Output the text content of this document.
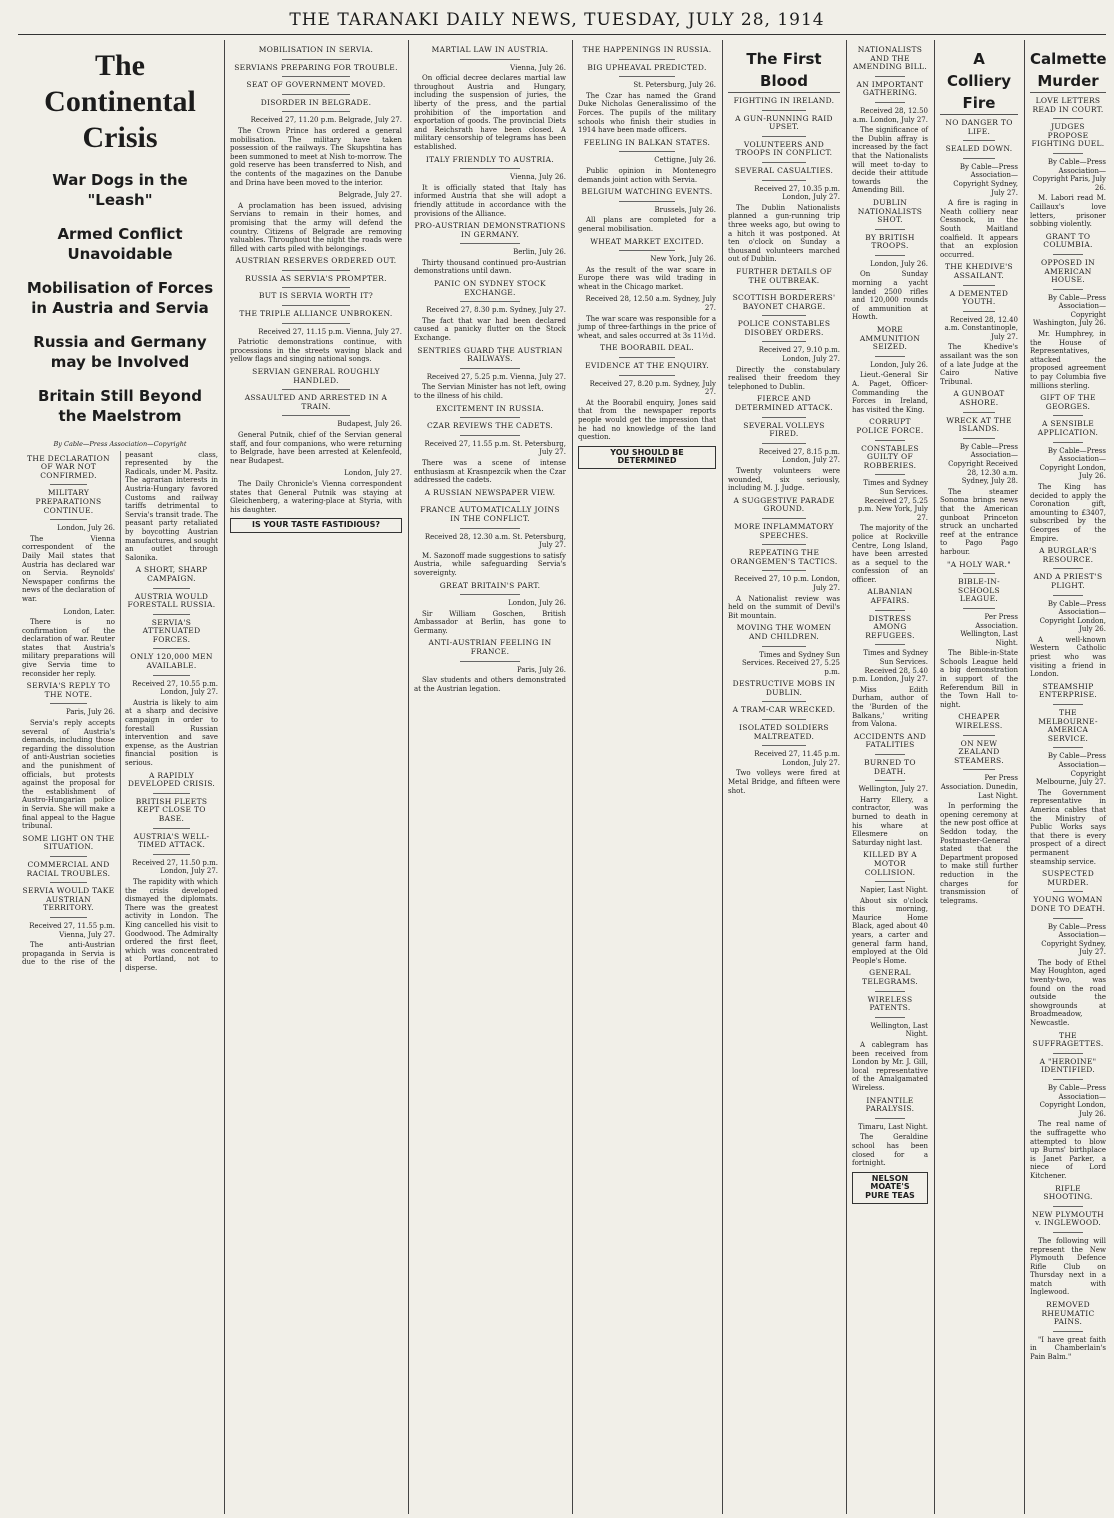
THE TARANAKI DAILY NEWS, TUESDAY, JULY 28, 1914
The Continental Crisis
War Dogs in the "Leash"
Armed Conflict Unavoidable
Mobilisation of Forces in Austria and Servia
Russia and Germany may be Involved
Britain Still Beyond the Maelstrom
By Cable—Press Association—Copyright
THE DECLARATION OF WAR NOT CONFIRMED.
MILITARY PREPARATIONS CONTINUE.
London, July 26.

The Vienna correspondent of the Daily Mail states that Austria has declared war on Servia. Reynolds' Newspaper confirms the news of the declaration of war.

London, Later.

There is no confirmation of the declaration of war. Reuter states that Austria's military preparations will give Servia time to reconsider her reply.

SERVIA'S REPLY TO THE NOTE.
Paris, July 26.

Servia's reply accepts several of Austria's demands, including those regarding the dissolution of anti-Austrian societies and the punishment of officials, but protests against the proposal for the establishment of Austro-Hungarian police in Servia. She will make a final appeal to the Hague tribunal.

SOME LIGHT ON THE SITUATION.
COMMERCIAL AND RACIAL TROUBLES.
SERVIA WOULD TAKE AUSTRIAN TERRITORY.
Received 27, 11.55 p.m. Vienna, July 27.

The anti-Austrian propaganda in Servia is due to the rise of the peasant class, represented by the Radicals, under M. Pasitz. The agrarian interests in Austria-Hungary favored Customs and railway tariffs detrimental to Servia's transit trade. The peasant party retaliated by boycotting Austrian manufactures, and sought an outlet through Salonika.

A SHORT, SHARP CAMPAIGN.
AUSTRIA WOULD FORESTALL RUSSIA.
SERVIA'S ATTENUATED FORCES.
ONLY 120,000 MEN AVAILABLE.
Received 27, 10.55 p.m. London, July 27.

Austria is likely to aim at a sharp and decisive campaign in order to forestall Russian intervention and save expense, as the Austrian financial position is serious.

A RAPIDLY DEVELOPED CRISIS.
BRITISH FLEETS KEPT CLOSE TO BASE.
AUSTRIA'S WELL-TIMED ATTACK.
Received 27, 11.50 p.m. London, July 27.

The rapidity with which the crisis developed dismayed the diplomats. There was the greatest activity in London. The King cancelled his visit to Goodwood. The Admiralty ordered the first fleet, which was concentrated at Portland, not to disperse.

MOBILISATION IN SERVIA.
SERVIANS PREPARING FOR TROUBLE.
SEAT OF GOVERNMENT MOVED.
DISORDER IN BELGRADE.
Received 27, 11.20 p.m. Belgrade, July 27.

The Crown Prince has ordered a general mobilisation. The military have taken possession of the railways. The Skupshtina has been summoned to meet at Nish to-morrow. The gold reserve has been transferred to Nish, and the contents of the magazines on the Danube and Drina have been moved to the interior.

Belgrade, July 27.

A proclamation has been issued, advising Servians to remain in their homes, and promising that the army will defend the country. Citizens of Belgrade are removing valuables. Throughout the night the roads were filled with carts piled with belongings.

AUSTRIAN RESERVES ORDERED OUT.
RUSSIA AS SERVIA'S PROMPTER.
BUT IS SERVIA WORTH IT?
THE TRIPLE ALLIANCE UNBROKEN.
Received 27, 11.15 p.m. Vienna, July 27.

Patriotic demonstrations continue, with processions in the streets waving black and yellow flags and singing national songs.

SERVIAN GENERAL ROUGHLY HANDLED.
ASSAULTED AND ARRESTED IN A TRAIN.
Budapest, July 26.

General Putnik, chief of the Servian general staff, and four companions, who were returning to Belgrade, have been arrested at Kelenfeold, near Budapest.

London, July 27.

The Daily Chronicle's Vienna correspondent states that General Putnik was staying at Gleichenberg, a watering-place at Styria, with his daughter.

IS YOUR TASTE FASTIDIOUS?
MARTIAL LAW IN AUSTRIA.
Vienna, July 26.

On official decree declares martial law throughout Austria and Hungary, including the suspension of juries, the liberty of the press, and the partial prohibition of the importation and exportation of goods. The provincial Diets and Reichsrath have been closed. A military censorship of telegrams has been established.

ITALY FRIENDLY TO AUSTRIA.
Vienna, July 26.

It is officially stated that Italy has informed Austria that she will adopt a friendly attitude in accordance with the provisions of the Alliance.

PRO-AUSTRIAN DEMONSTRATIONS IN GERMANY.
Berlin, July 26.

Thirty thousand continued pro-Austrian demonstrations until dawn.

PANIC ON SYDNEY STOCK EXCHANGE.
Received 27, 8.30 p.m. Sydney, July 27.

The fact that war had been declared caused a panicky flutter on the Stock Exchange.

SENTRIES GUARD THE AUSTRIAN RAILWAYS.
Received 27, 5.25 p.m. Vienna, July 27.

The Servian Minister has not left, owing to the illness of his child.

EXCITEMENT IN RUSSIA.
CZAR REVIEWS THE CADETS.
Received 27, 11.55 p.m. St. Petersburg, July 27.

There was a scene of intense enthusiasm at Krasnpezcik when the Czar addressed the cadets.

A RUSSIAN NEWSPAPER VIEW.
FRANCE AUTOMATICALLY JOINS IN THE CONFLICT.
Received 28, 12.30 a.m. St. Petersburg, July 27.

M. Sazonoff made suggestions to satisfy Austria, while safeguarding Servia's sovereignty.

GREAT BRITAIN'S PART.
London, July 26.

Sir William Goschen, British Ambassador at Berlin, has gone to Germany.

ANTI-AUSTRIAN FEELING IN FRANCE.
Paris, July 26.

Slav students and others demonstrated at the Austrian legation.

THE HAPPENINGS IN RUSSIA.
BIG UPHEAVAL PREDICTED.
St. Petersburg, July 26.

The Czar has named the Grand Duke Nicholas Generalissimo of the Forces. The pupils of the military schools who finish their studies in 1914 have been made officers.

FEELING IN BALKAN STATES.
Cettigne, July 26.

Public opinion in Montenegro demands joint action with Servia.

BELGIUM WATCHING EVENTS.
Brussels, July 26.

All plans are completed for a general mobilisation.

WHEAT MARKET EXCITED.
New York, July 26.

As the result of the war scare in Europe there was wild trading in wheat in the Chicago market.

Received 28, 12.50 a.m. Sydney, July 27.

The war scare was responsible for a jump of three-farthings in the price of wheat, and sales occurred at 3s 11½d.

THE BOORABIL DEAL.
EVIDENCE AT THE ENQUIRY.
Received 27, 8.20 p.m. Sydney, July 27.

At the Boorabil enquiry, Jones said that from the newspaper reports people would get the impression that he had no knowledge of the land question.

YOU SHOULD BE DETERMINED
The First Blood
FIGHTING IN IRELAND.
A GUN-RUNNING RAID UPSET.
VOLUNTEERS AND TROOPS IN CONFLICT.
SEVERAL CASUALTIES.
Received 27, 10.35 p.m. London, July 27.

The Dublin Nationalists planned a gun-running trip three weeks ago, but owing to a hitch it was postponed. At ten o'clock on Sunday a thousand volunteers marched out of Dublin.

FURTHER DETAILS OF THE OUTBREAK.
SCOTTISH BORDERERS' BAYONET CHARGE.
POLICE CONSTABLES DISOBEY ORDERS.
Received 27, 9.10 p.m. London, July 27.

Directly the constabulary realised their freedom they telephoned to Dublin.

FIERCE AND DETERMINED ATTACK.
SEVERAL VOLLEYS FIRED.
Received 27, 8.15 p.m. London, July 27.

Twenty volunteers were wounded, six seriously, including M. J. Judge.

A SUGGESTIVE PARADE GROUND.
MORE INFLAMMATORY SPEECHES.
REPEATING THE ORANGEMEN'S TACTICS.
Received 27, 10 p.m. London, July 27.

A Nationalist review was held on the summit of Devil's Bit mountain.

MOVING THE WOMEN AND CHILDREN.
Times and Sydney Sun Services. Received 27, 5.25 p.m.
DESTRUCTIVE MOBS IN DUBLIN.
A TRAM-CAR WRECKED.
ISOLATED SOLDIERS MALTREATED.
Received 27, 11.45 p.m. London, July 27.

Two volleys were fired at Metal Bridge, and fifteen were shot.

NATIONALISTS AND THE AMENDING BILL.
AN IMPORTANT GATHERING.
Received 28, 12.50 a.m. London, July 27.

The significance of the Dublin affray is increased by the fact that the Nationalists will meet to-day to decide their attitude towards the Amending Bill.

DUBLIN NATIONALISTS SHOT.
BY BRITISH TROOPS.
London, July 26.

On Sunday morning a yacht landed 2500 rifles and 120,000 rounds of ammunition at Howth.

MORE AMMUNITION SEIZED.
London, July 26.

Lieut.-General Sir A. Paget, Officer-Commanding the Forces in Ireland, has visited the King.

CORRUPT POLICE FORCE.
CONSTABLES GUILTY OF ROBBERIES.
Times and Sydney Sun Services. Received 27, 5.25 p.m. New York, July 27.

The majority of the police at Rockville Centre, Long Island, have been arrested as a sequel to the confession of an officer.

ALBANIAN AFFAIRS.
DISTRESS AMONG REFUGEES.
Times and Sydney Sun Services. Received 28, 5.40 p.m. London, July 27.

Miss Edith Durham, author of the 'Burden of the Balkans,' writing from Valona.

ACCIDENTS AND FATALITIES
BURNED TO DEATH.
Wellington, July 27.

Harry Ellery, a contractor, was burned to death in his whare at Ellesmere on Saturday night last.

KILLED BY A MOTOR COLLISION.
Napier, Last Night.

About six o'clock this morning, Maurice Home Black, aged about 40 years, a carter and general farm hand, employed at the Old People's Home.

GENERAL TELEGRAMS.
WIRELESS PATENTS.
Wellington, Last Night.

A cablegram has been received from London by Mr. J. Gill, local representative of the Amalgamated Wireless.

INFANTILE PARALYSIS.
Timaru, Last Night.

The Geraldine school has been closed for a fortnight.

NELSON MOATE'S
PURE TEAS
A Colliery Fire
NO DANGER TO LIFE.
SEALED DOWN.
By Cable—Press Association—Copyright Sydney, July 27.

A fire is raging in Neath colliery near Cessnock, in the South Maitland coalfield. It appears that an explosion occurred.

THE KHEDIVE'S ASSAILANT.
A DEMENTED YOUTH.
Received 28, 12.40 a.m. Constantinople, July 27.

The Khedive's assailant was the son of a late Judge at the Cairo Native Tribunal.

A GUNBOAT ASHORE.
WRECK AT THE ISLANDS.
By Cable—Press Association—Copyright Received 28, 12.30 a.m. Sydney, July 28.

The steamer Sonoma brings news that the American gunboat Princeton struck an uncharted reef at the entrance to Pago Pago harbour.

"A HOLY WAR."
BIBLE-IN-SCHOOLS LEAGUE.
Per Press Association. Wellington, Last Night.

The Bible-in-State Schools League held a big demonstration in support of the Referendum Bill in the Town Hall to-night.

CHEAPER WIRELESS.
ON NEW ZEALAND STEAMERS.
Per Press Association. Dunedin, Last Night.

In performing the opening ceremony at the new post office at Seddon today, the Postmaster-General stated that the Department proposed to make still further reduction in the charges for transmission of telegrams.

Calmette Murder
LOVE LETTERS READ IN COURT.
JUDGES PROPOSE FIGHTING DUEL.
By Cable—Press Association—Copyright Paris, July 26.

M. Labori read M. Caillaux's love letters, prisoner sobbing violently.

GRANT TO COLUMBIA.
OPPOSED IN AMERICAN HOUSE.
By Cable—Press Association—Copyright Washington, July 26.

Mr. Humphrey, in the House of Representatives, attacked the proposed agreement to pay Columbia five millions sterling.

GIFT OF THE GEORGES.
A SENSIBLE APPLICATION.
By Cable—Press Association—Copyright London, July 26.

The King has decided to apply the Coronation gift, amounting to £3407, subscribed by the Georges of the Empire.

A BURGLAR'S RESOURCE.
AND A PRIEST'S PLIGHT.
By Cable—Press Association—Copyright London, July 26.

A well-known Western Catholic priest who was visiting a friend in London.

STEAMSHIP ENTERPRISE.
THE MELBOURNE-AMERICA SERVICE.
By Cable—Press Association—Copyright Melbourne, July 27.

The Government representative in America cables that the Ministry of Public Works says that there is every prospect of a direct permanent steamship service.

SUSPECTED MURDER.
YOUNG WOMAN DONE TO DEATH.
By Cable—Press Association—Copyright Sydney, July 27.

The body of Ethel May Houghton, aged twenty-two, was found on the road outside the showgrounds at Broadmeadow, Newcastle.

THE SUFFRAGETTES.
A "HEROINE" IDENTIFIED.
By Cable—Press Association—Copyright London, July 26.

The real name of the suffragette who attempted to blow up Burns' birthplace is Janet Parker, a niece of Lord Kitchener.

RIFLE SHOOTING.
NEW PLYMOUTH v. INGLEWOOD.

The following will represent the New Plymouth Defence Rifle Club on Thursday next in a match with Inglewood.

REMOVED RHEUMATIC PAINS.

"I have great faith in Chamberlain's Pain Balm."
